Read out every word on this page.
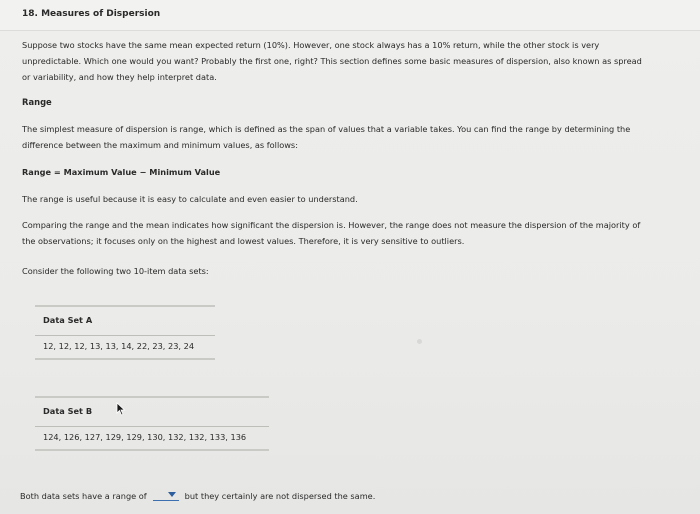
18. Measures of Dispersion
Suppose two stocks have the same mean expected return (10%). However, one stock always has a 10% return, while the other stock is very
unpredictable. Which one would you want? Probably the first one, right? This section defines some basic measures of dispersion, also known as spread
or variability, and how they help interpret data.
Range
The simplest measure of dispersion is range, which is defined as the span of values that a variable takes. You can find the range by determining the
difference between the maximum and minimum values, as follows:
Range = Maximum Value − Minimum Value
The range is useful because it is easy to calculate and even easier to understand.
Comparing the range and the mean indicates how significant the dispersion is. However, the range does not measure the dispersion of the majority of
the observations; it focuses only on the highest and lowest values. Therefore, it is very sensitive to outliers.
Consider the following two 10-item data sets:
Data Set A
12, 12, 12, 13, 13, 14, 22, 23, 23, 24
Data Set B
124, 126, 127, 129, 129, 130, 132, 132, 133, 136
Both data sets have a range of	but they certainly are not dispersed the same.
